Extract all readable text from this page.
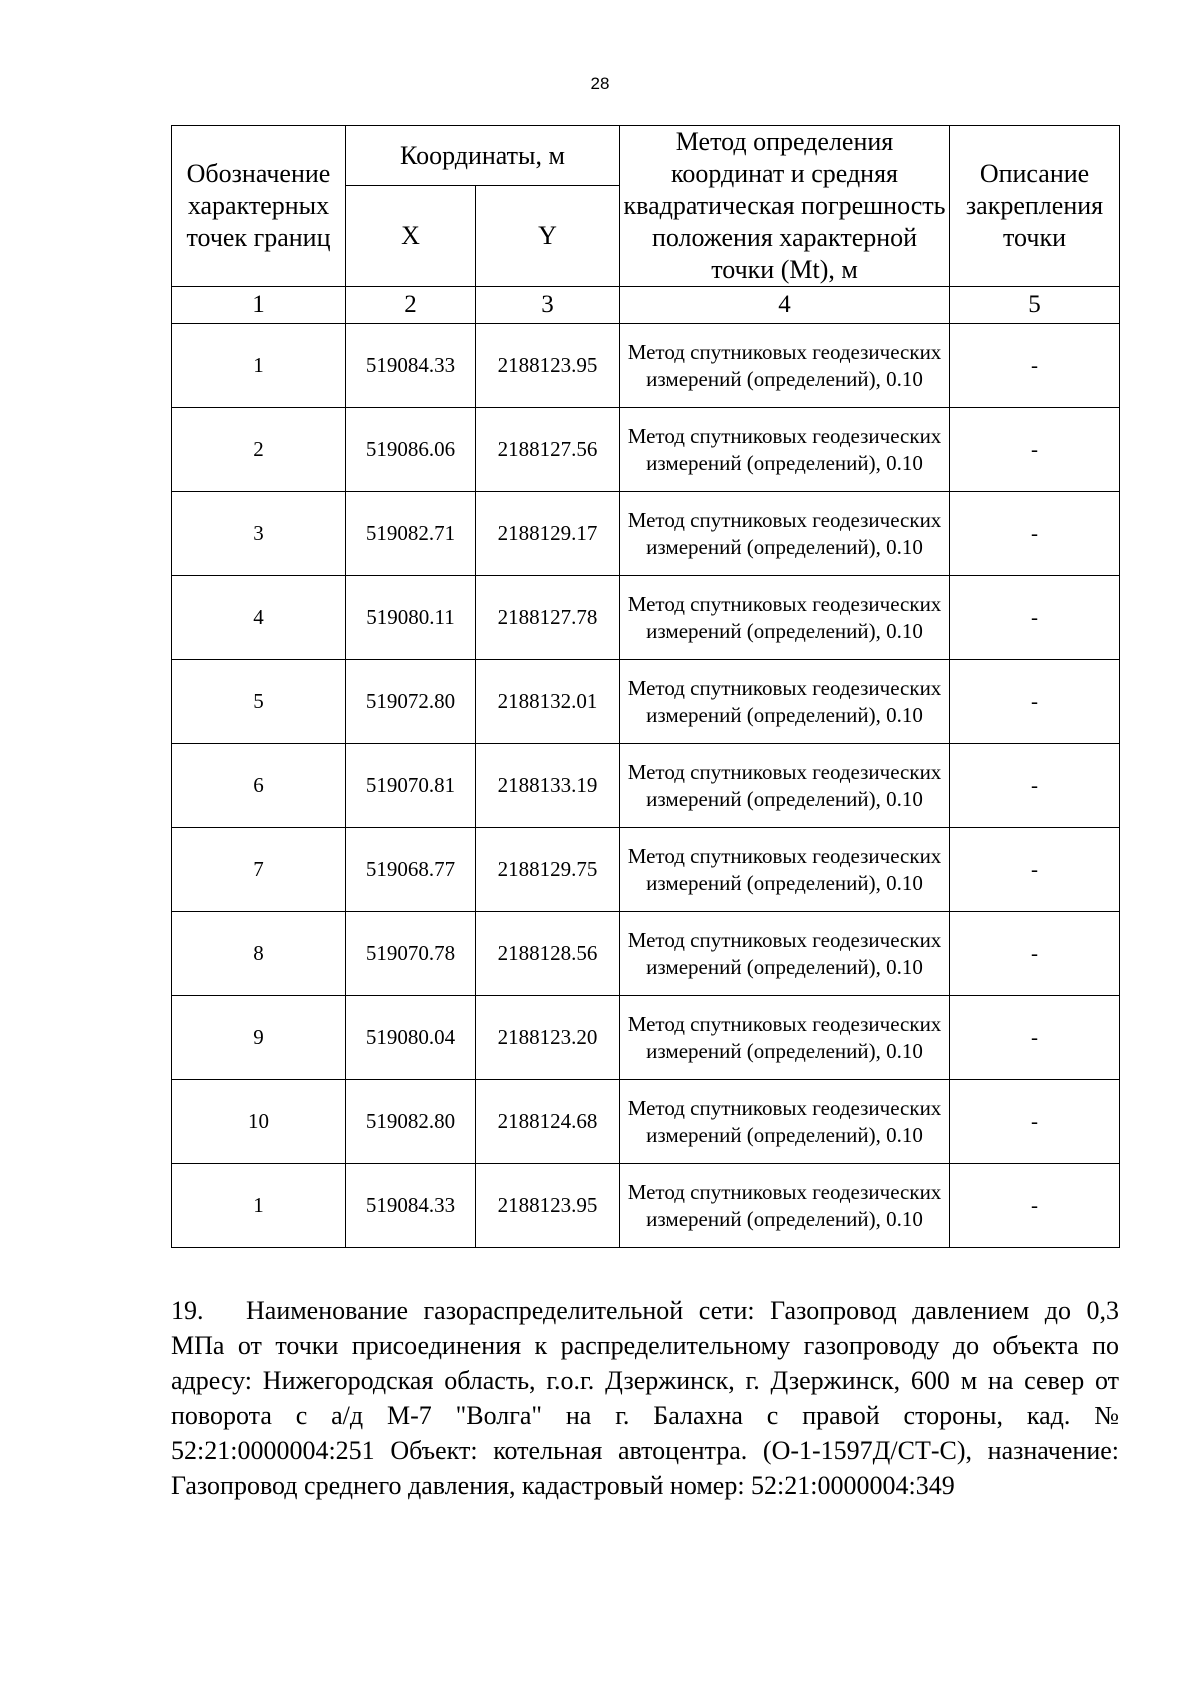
28
Обозначение характерных точек границ	Координаты, м		Метод определения координат и средняя квадратическая погрешность положения характерной точки (Mt), м	Описание закрепления точки
	X	Y		
1	2	3	4	5
1	519084.33	2188123.95	Метод спутниковых геодезических измерений (определений), 0.10	-
2	519086.06	2188127.56	Метод спутниковых геодезических измерений (определений), 0.10	-
3	519082.71	2188129.17	Метод спутниковых геодезических измерений (определений), 0.10	-
4	519080.11	2188127.78	Метод спутниковых геодезических измерений (определений), 0.10	-
5	519072.80	2188132.01	Метод спутниковых геодезических измерений (определений), 0.10	-
6	519070.81	2188133.19	Метод спутниковых геодезических измерений (определений), 0.10	-
7	519068.77	2188129.75	Метод спутниковых геодезических измерений (определений), 0.10	-
8	519070.78	2188128.56	Метод спутниковых геодезических измерений (определений), 0.10	-
9	519080.04	2188123.20	Метод спутниковых геодезических измерений (определений), 0.10	-
10	519082.80	2188124.68	Метод спутниковых геодезических измерений (определений), 0.10	-
1	519084.33	2188123.95	Метод спутниковых геодезических измерений (определений), 0.10	-
19. Наименование газораспределительной сети: Газопровод давлением до 0,3 МПа от точки присоединения к распределительному газопроводу до объекта по адресу: Нижегородская область, г.о.г. Дзержинск, г. Дзержинск, 600 м на север от поворота с а/д М-7 "Волга" на г. Балахна с правой стороны, кад. № 52:21:0000004:251 Объект: котельная автоцентра. (О-1-1597Д/СТ-С), назначение: Газопровод среднего давления, кадастровый номер: 52:21:0000004:349
